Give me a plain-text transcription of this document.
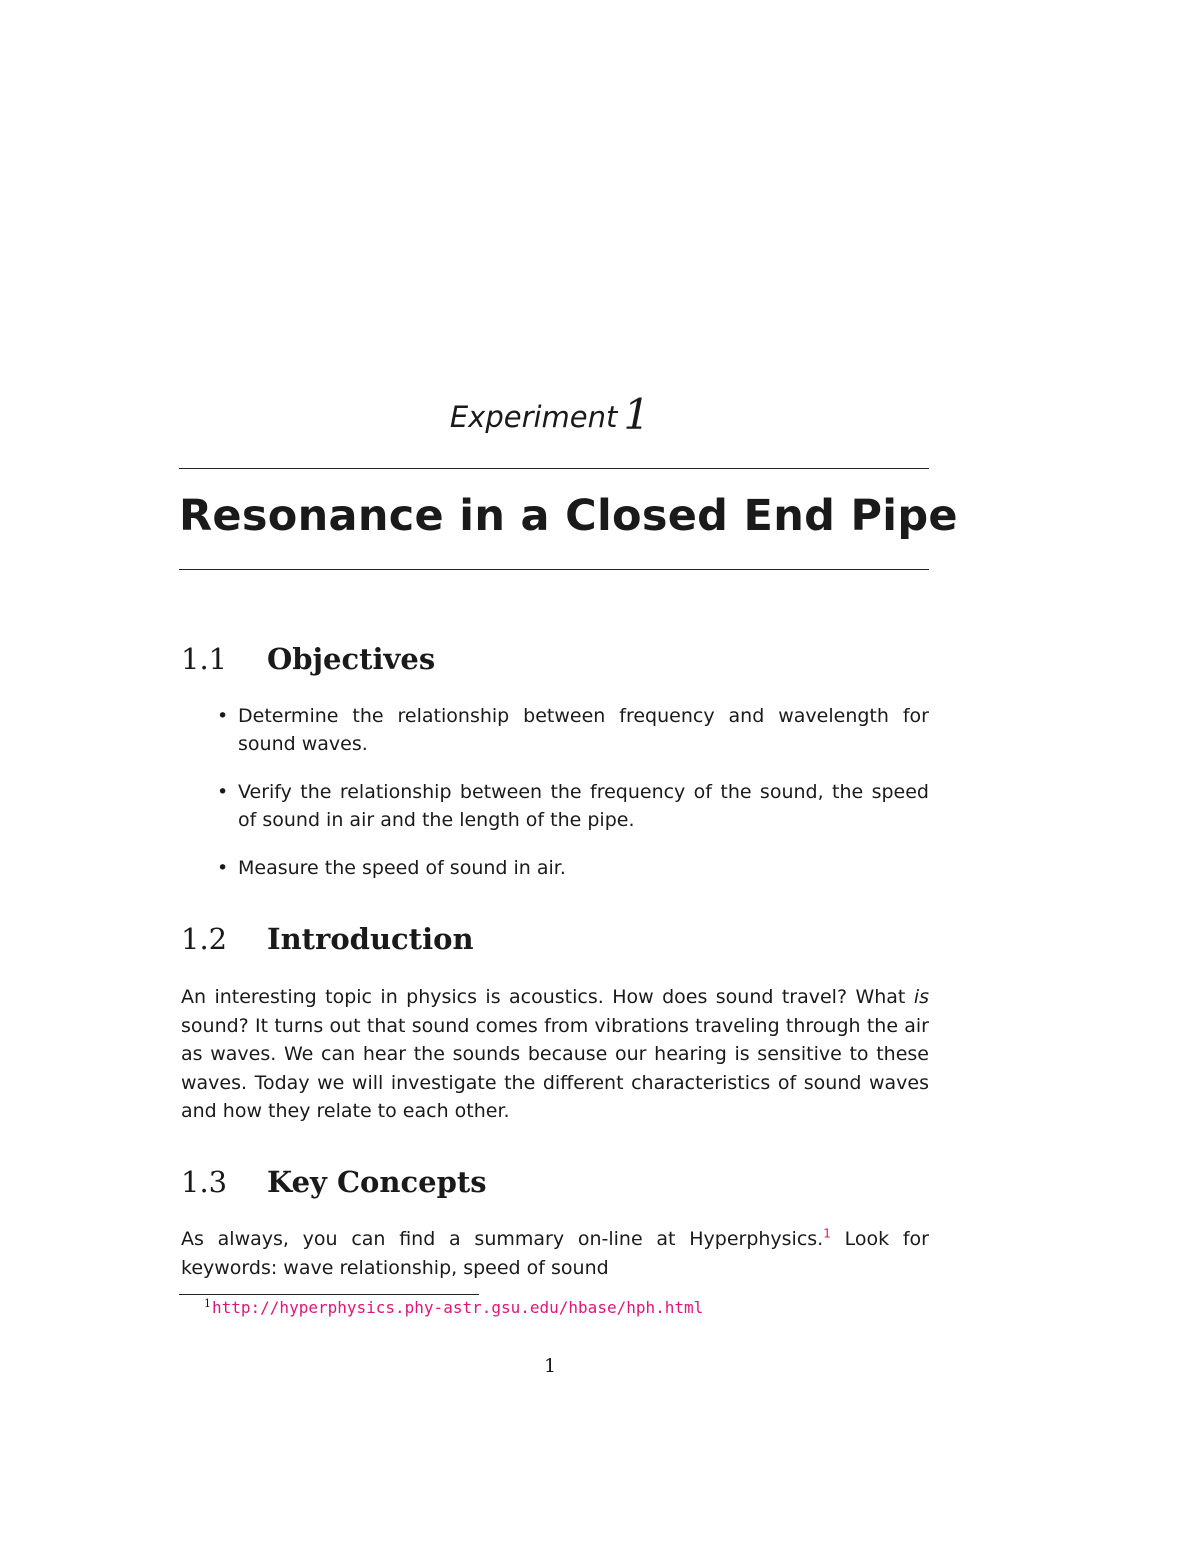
Experiment 1
Resonance in a Closed End Pipe
1.1 Objectives
• Determine the relationship between frequency and wavelength for sound waves.
• Verify the relationship between the frequency of the sound, the speed of sound in air and the length of the pipe.
• Measure the speed of sound in air.
1.2 Introduction

An interesting topic in physics is acoustics. How does sound travel? What is sound? It turns out that sound comes from vibrations traveling through the air as waves. We can hear the sounds because our hearing is sensitive to these waves. Today we will investigate the different characteristics of sound waves and how they relate to each other.

1.3 Key Concepts

As always, you can find a summary on-line at Hyperphysics.$^1$ Look for keywords: wave relationship, speed of sound

$^1$http://hyperphysics.phy-astr.gsu.edu/hbase/hph.html
1
